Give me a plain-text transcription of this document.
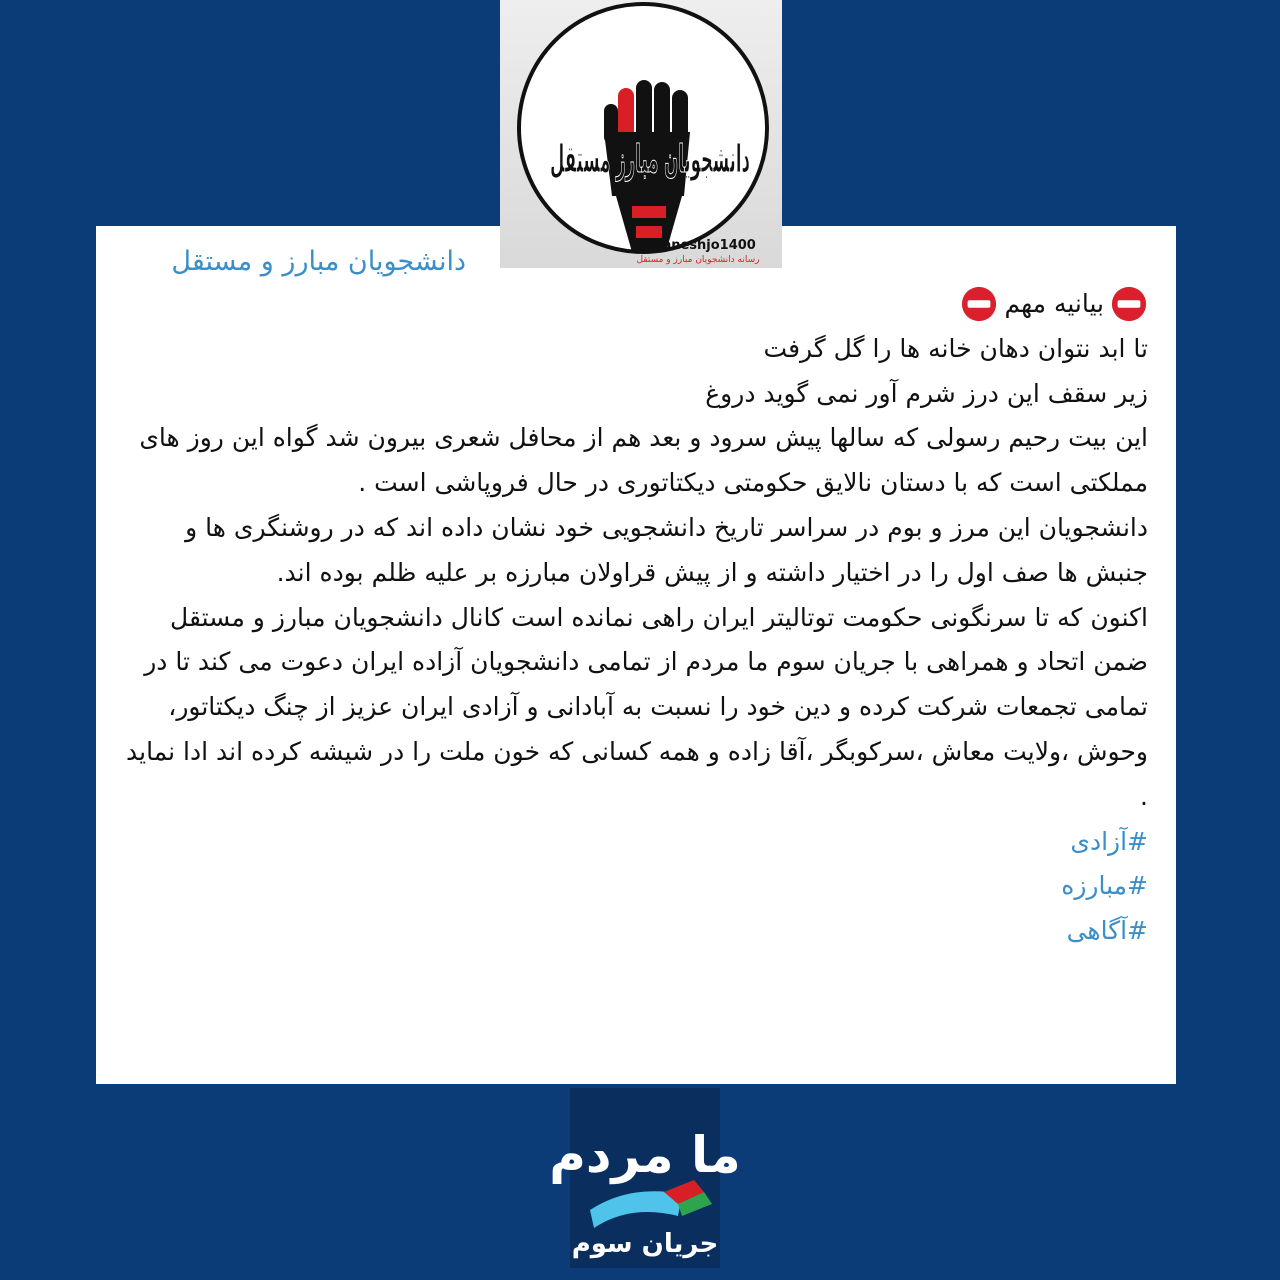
دانشجویان مبارز و مستقل
بیانیه مهم

تا ابد نتوان دهان خانه ها را گل گرفت

زیر سقف این درز شرم آور نمی گوید دروغ

این بیت رحیم رسولی که سالها پیش سرود و بعد هم از محافل شعری بیرون شد گواه این روز های مملکتی است که با دستان نالایق حکومتی دیکتاتوری در حال فروپاشی است .

دانشجویان این مرز و بوم در سراسر تاریخ دانشجویی خود نشان داده اند که در روشنگری ها و جنبش ها صف اول را در اختیار داشته و از پیش قراولان مبارزه بر علیه ظلم بوده اند.

اکنون که تا سرنگونی حکومت توتالیتر ایران راهی نمانده است کانال دانشجویان مبارز و مستقل ضمن اتحاد و همراهی با جریان سوم ما مردم از تمامی دانشجویان آزاده ایران دعوت می کند تا در تمامی تجمعات شرکت کرده و دین خود را نسبت به آبادانی و آزادی ایران عزیز از چنگ دیکتاتور، وحوش ،ولایت معاش ،سرکوبگر ،آقا زاده و همه کسانی که خون ملت را در شیشه کرده اند ادا نماید .

#آزادی

#مبارزه

#آگاهی

دانشجویان مبارز مستقل
@daneshjo1400
رسانه دانشجویان مبارز و مستقل
ما مردم
جریان سوم
